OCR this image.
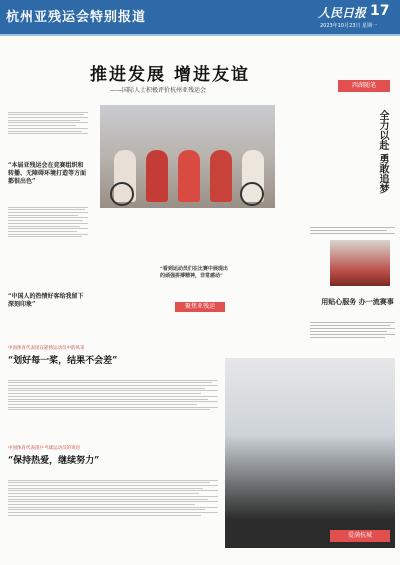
杭州亚残运会特别报道	人民日报 17
2023年10月23日 星期一
推进发展 增进友谊
——国际人士积极评价杭州亚残运会
“本届亚残运会在竞赛组织和转播、无障碍环境打造等方面都很出色”
“中国人的热情好客给我留下深刻印象”
“看到运动员们在比赛中展现出的顽强拼搏精神，非常感动”
聚焦亚残运
中国体育代表团在轮椅运动员中的风采
“划好每一桨，结果不会差”
中国体育代表团乒乓球运动员的寄语
“保持热爱，继续努力”
西湖随笔
全力以赴 勇敢追梦
用贴心服务 办一流赛事
爱满杭城
